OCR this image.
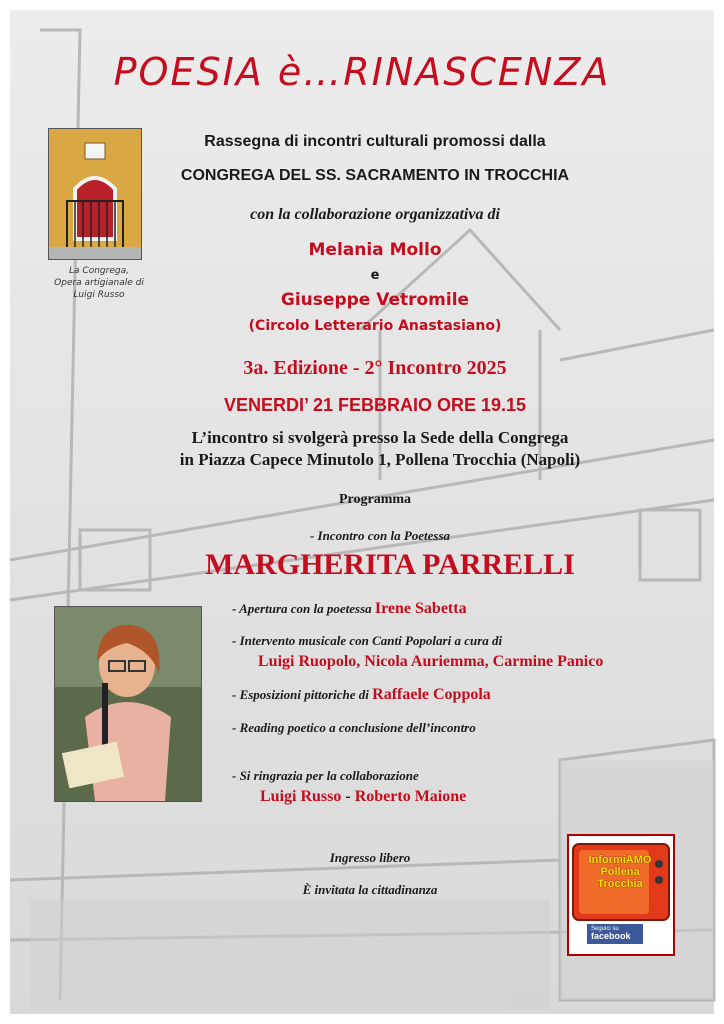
POESIA è…RINASCENZA
La Congrega,
Opera artigianale di
Luigi Russo
Rassegna di incontri culturali promossi dalla
CONGREGA DEL SS. SACRAMENTO IN TROCCHIA
con la collaborazione organizzativa di
Melania Mollo
e
Giuseppe Vetromile
(Circolo Letterario Anastasiano)
3a. Edizione - 2° Incontro 2025
VENERDI’ 21 FEBBRAIO ORE 19.15
L’incontro si svolgerà presso la Sede della Congrega
in Piazza Capece Minutolo 1, Pollena Trocchia (Napoli)
Programma
- Incontro con la Poetessa
MARGHERITA PARRELLI
- Apertura con la poetessa Irene Sabetta
- Intervento musicale con Canti Popolari a cura di
Luigi Ruopolo, Nicola Auriemma, Carmine Panico
- Esposizioni pittoriche di Raffaele Coppola
- Reading poetico a conclusione dell’incontro
- Si ringrazia per la collaborazione
Luigi Russo - Roberto Maione
Ingresso libero
È invitata la cittadinanza
InformiAMO Pollena Trocchia
Seguici su
facebook
